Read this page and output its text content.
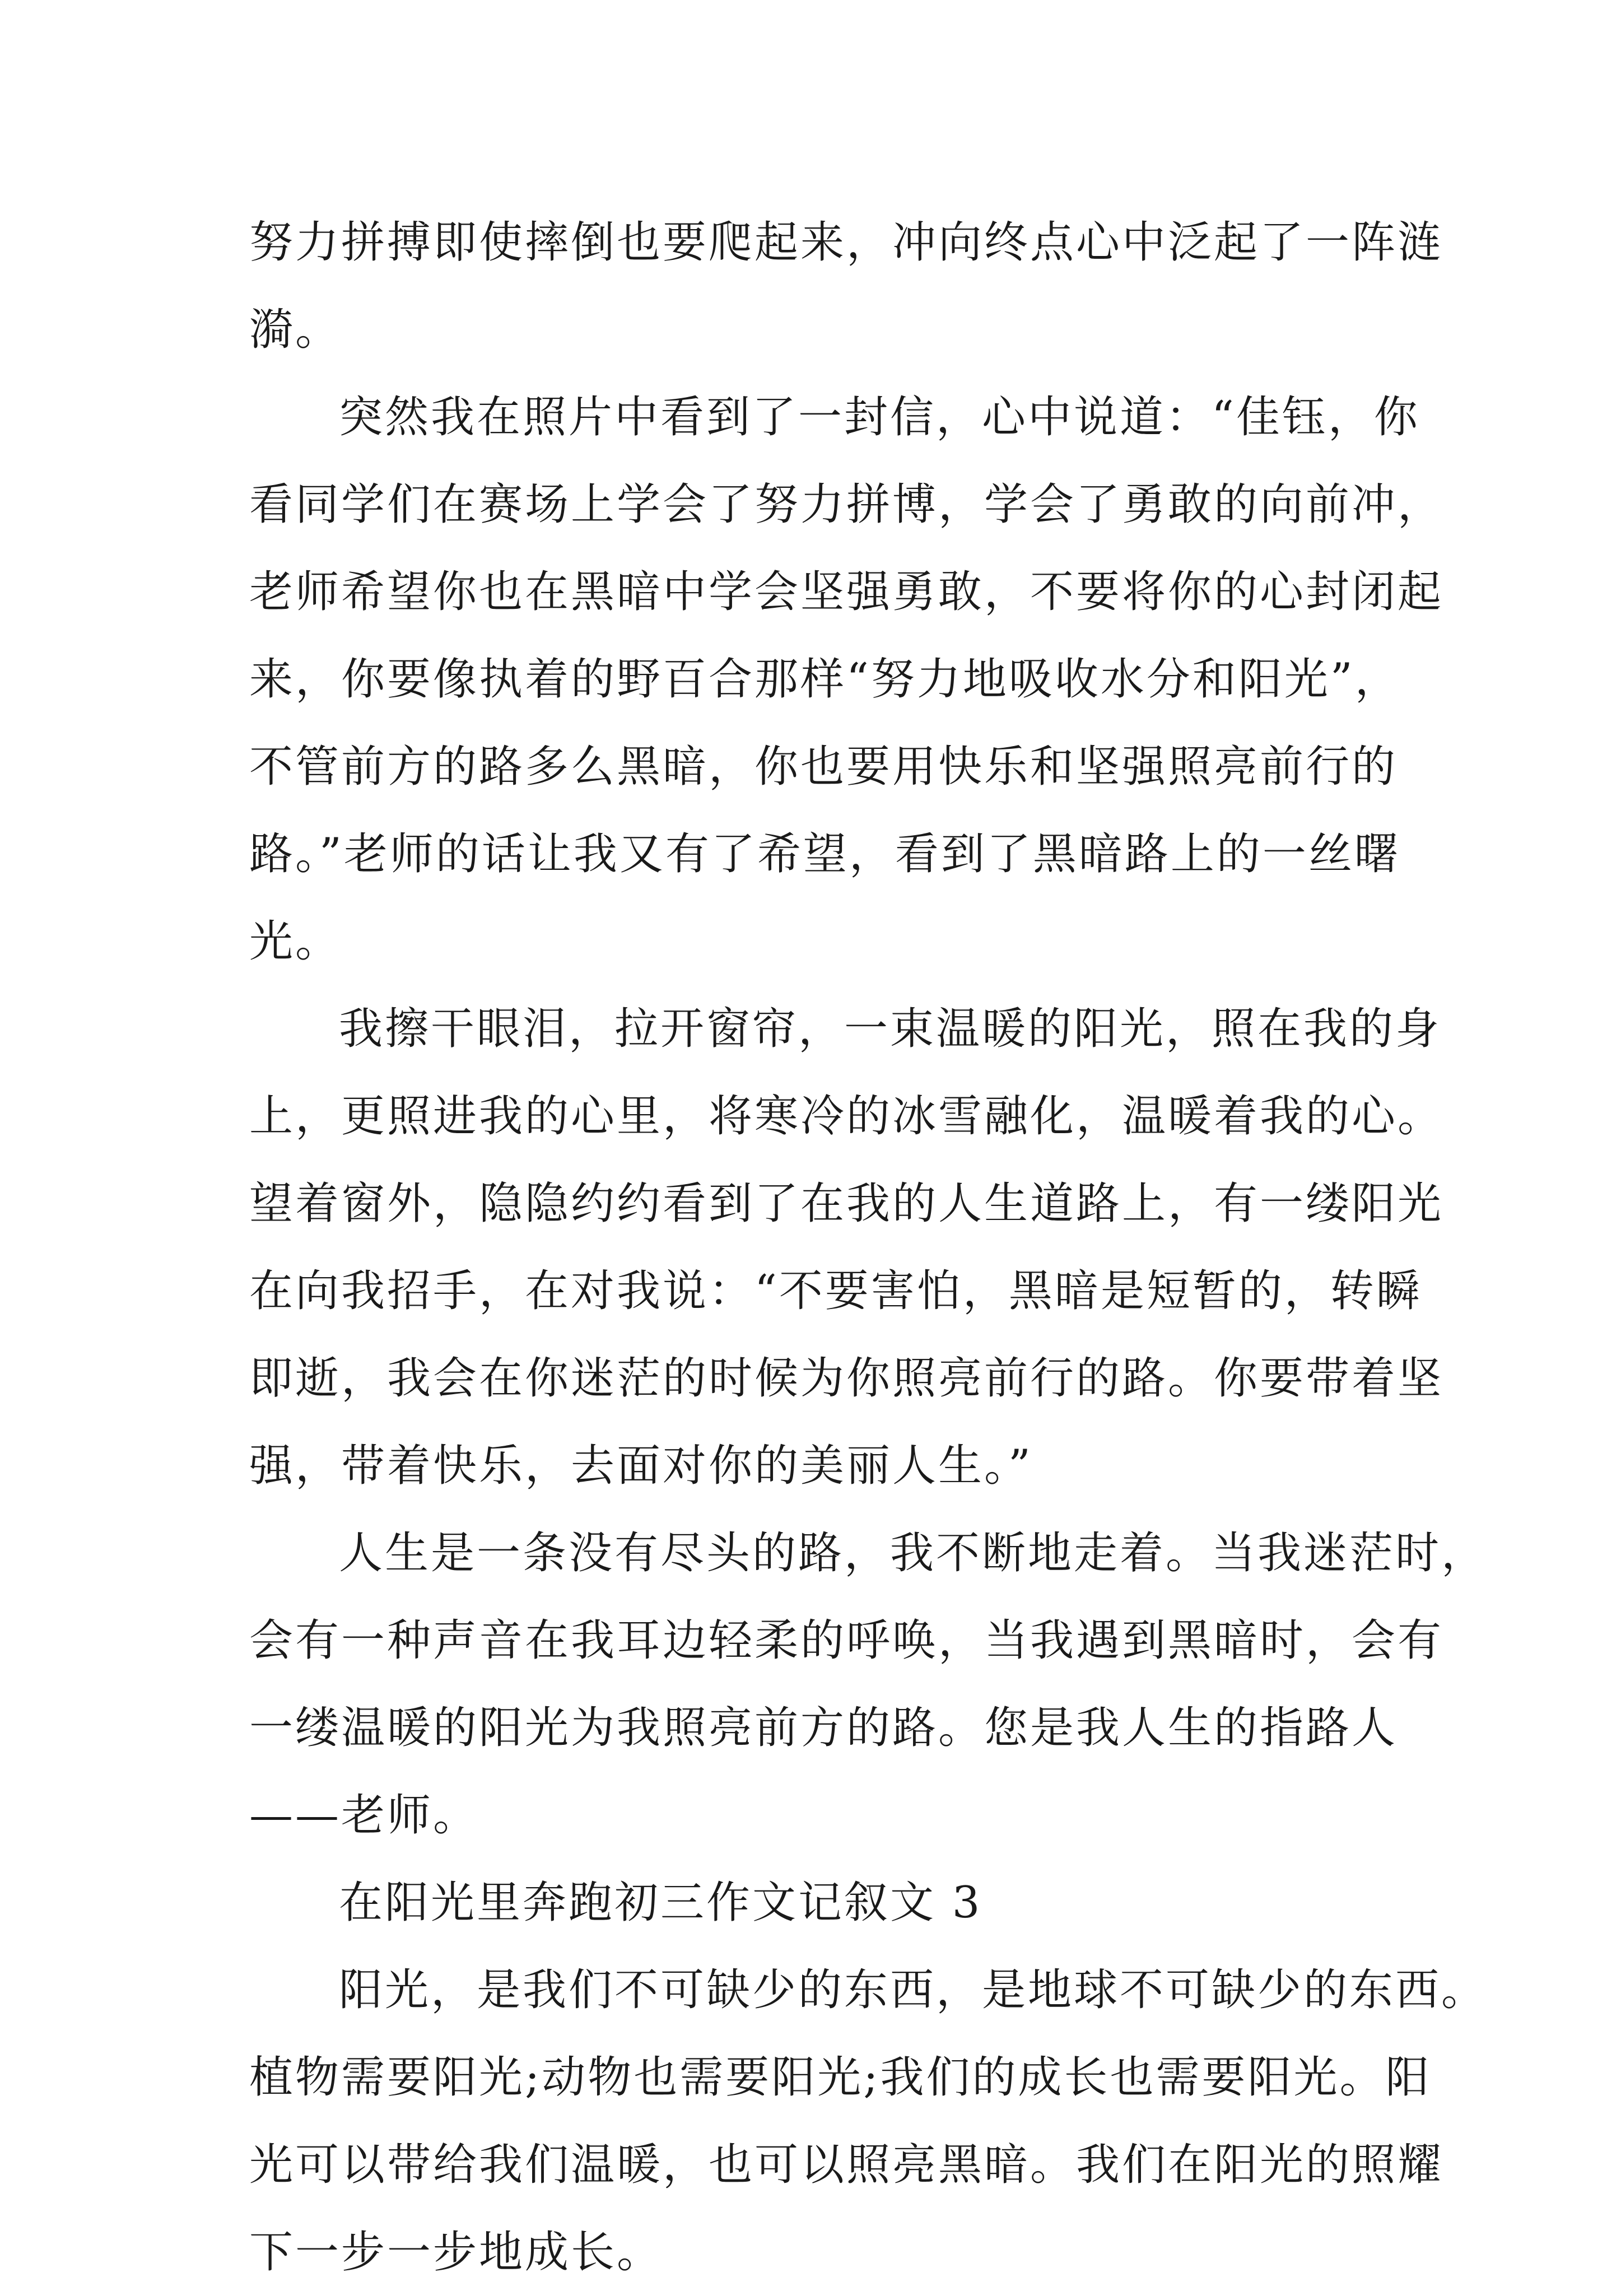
努力拼搏即使摔倒也要爬起来，冲向终点心中泛起了一阵涟
漪。
突然我在照片中看到了一封信，心中说道：“佳钰，你
看同学们在赛场上学会了努力拼博，学会了勇敢的向前冲，
老师希望你也在黑暗中学会坚强勇敢，不要将你的心封闭起
来，你要像执着的野百合那样“努力地吸收水分和阳光”，
不管前方的路多么黑暗，你也要用快乐和坚强照亮前行的
路。”老师的话让我又有了希望，看到了黑暗路上的一丝曙
光。
我擦干眼泪，拉开窗帘，一束温暖的阳光，照在我的身
上，更照进我的心里，将寒冷的冰雪融化，温暖着我的心。
望着窗外，隐隐约约看到了在我的人生道路上，有一缕阳光
在向我招手，在对我说：“不要害怕，黑暗是短暂的，转瞬
即逝，我会在你迷茫的时候为你照亮前行的路。你要带着坚
强，带着快乐，去面对你的美丽人生。”
人生是一条没有尽头的路，我不断地走着。当我迷茫时，
会有一种声音在我耳边轻柔的呼唤，当我遇到黑暗时，会有
一缕温暖的阳光为我照亮前方的路。您是我人生的指路人
——老师。
在阳光里奔跑初三作文记叙文 3
阳光，是我们不可缺少的东西，是地球不可缺少的东西。
植物需要阳光;动物也需要阳光;我们的成长也需要阳光。阳
光可以带给我们温暖，也可以照亮黑暗。我们在阳光的照耀
下一步一步地成长。
